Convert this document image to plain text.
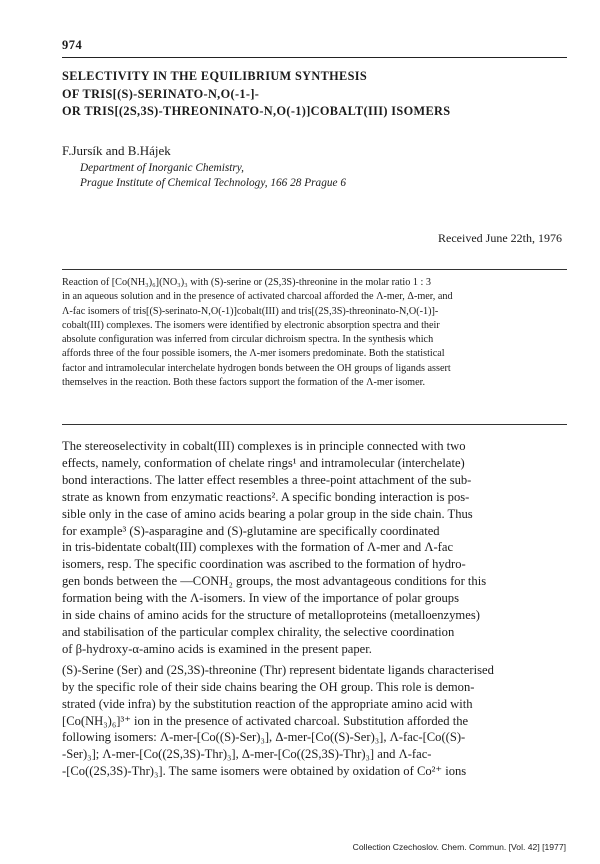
974
SELECTIVITY IN THE EQUILIBRIUM SYNTHESIS
OF TRIS[(S)-SERINATO-N,O(-1-]-
OR TRIS[(2S,3S)-THREONINATO-N,O(-1)]COBALT(III) ISOMERS
F.Jursík and B.Hájek
Department of Inorganic Chemistry,
Prague Institute of Chemical Technology, 166 28 Prague 6
Received June 22th, 1976
Reaction of [Co(NH₃)₆](NO₃)₃ with (S)-serine or (2S,3S)-threonine in the molar ratio 1 : 3
in an aqueous solution and in the presence of activated charcoal afforded the Λ-mer, Δ-mer, and
Λ-fac isomers of tris[(S)-serinato-N,O(-1)]cobalt(III) and tris[(2S,3S)-threoninato-N,O(-1)]-
cobalt(III) complexes. The isomers were identified by electronic absorption spectra and their
absolute configuration was inferred from circular dichroism spectra. In the synthesis which
affords three of the four possible isomers, the Λ-mer isomers predominate. Both the statistical
factor and intramolecular interchelate hydrogen bonds between the OH groups of ligands assert
themselves in the reaction. Both these factors support the formation of the Λ-mer isomer.
The stereoselectivity in cobalt(III) complexes is in principle connected with two
effects, namely, conformation of chelate rings¹ and intramolecular (interchelate)
bond interactions. The latter effect resembles a three-point attachment of the sub-
strate as known from enzymatic reactions². A specific bonding interaction is pos-
sible only in the case of amino acids bearing a polar group in the side chain. Thus
for example³ (S)-asparagine and (S)-glutamine are specifically coordinated
in tris-bidentate cobalt(III) complexes with the formation of Λ-mer and Λ-fac
isomers, resp. The specific coordination was ascribed to the formation of hydro-
gen bonds between the —CONH₂ groups, the most advantageous conditions for this
formation being with the Λ-isomers. In view of the importance of polar groups
in side chains of amino acids for the structure of metalloproteins (metalloenzymes)
and stabilisation of the particular complex chirality, the selective coordination
of β-hydroxy-α-amino acids is examined in the present paper.
(S)-Serine (Ser) and (2S,3S)-threonine (Thr) represent bidentate ligands characterised
by the specific role of their side chains bearing the OH group. This role is demon-
strated (vide infra) by the substitution reaction of the appropriate amino acid with
[Co(NH₃)₆]³⁺ ion in the presence of activated charcoal. Substitution afforded the
following isomers: Λ-mer-[Co((S)-Ser)₃], Δ-mer-[Co((S)-Ser)₃], Λ-fac-[Co((S)-
-Ser)₃]; Λ-mer-[Co((2S,3S)-Thr)₃], Δ-mer-[Co((2S,3S)-Thr)₃] and Λ-fac-
-[Co((2S,3S)-Thr)₃]. The same isomers were obtained by oxidation of Co²⁺ ions
Collection Czechoslov. Chem. Commun. [Vol. 42] [1977]
